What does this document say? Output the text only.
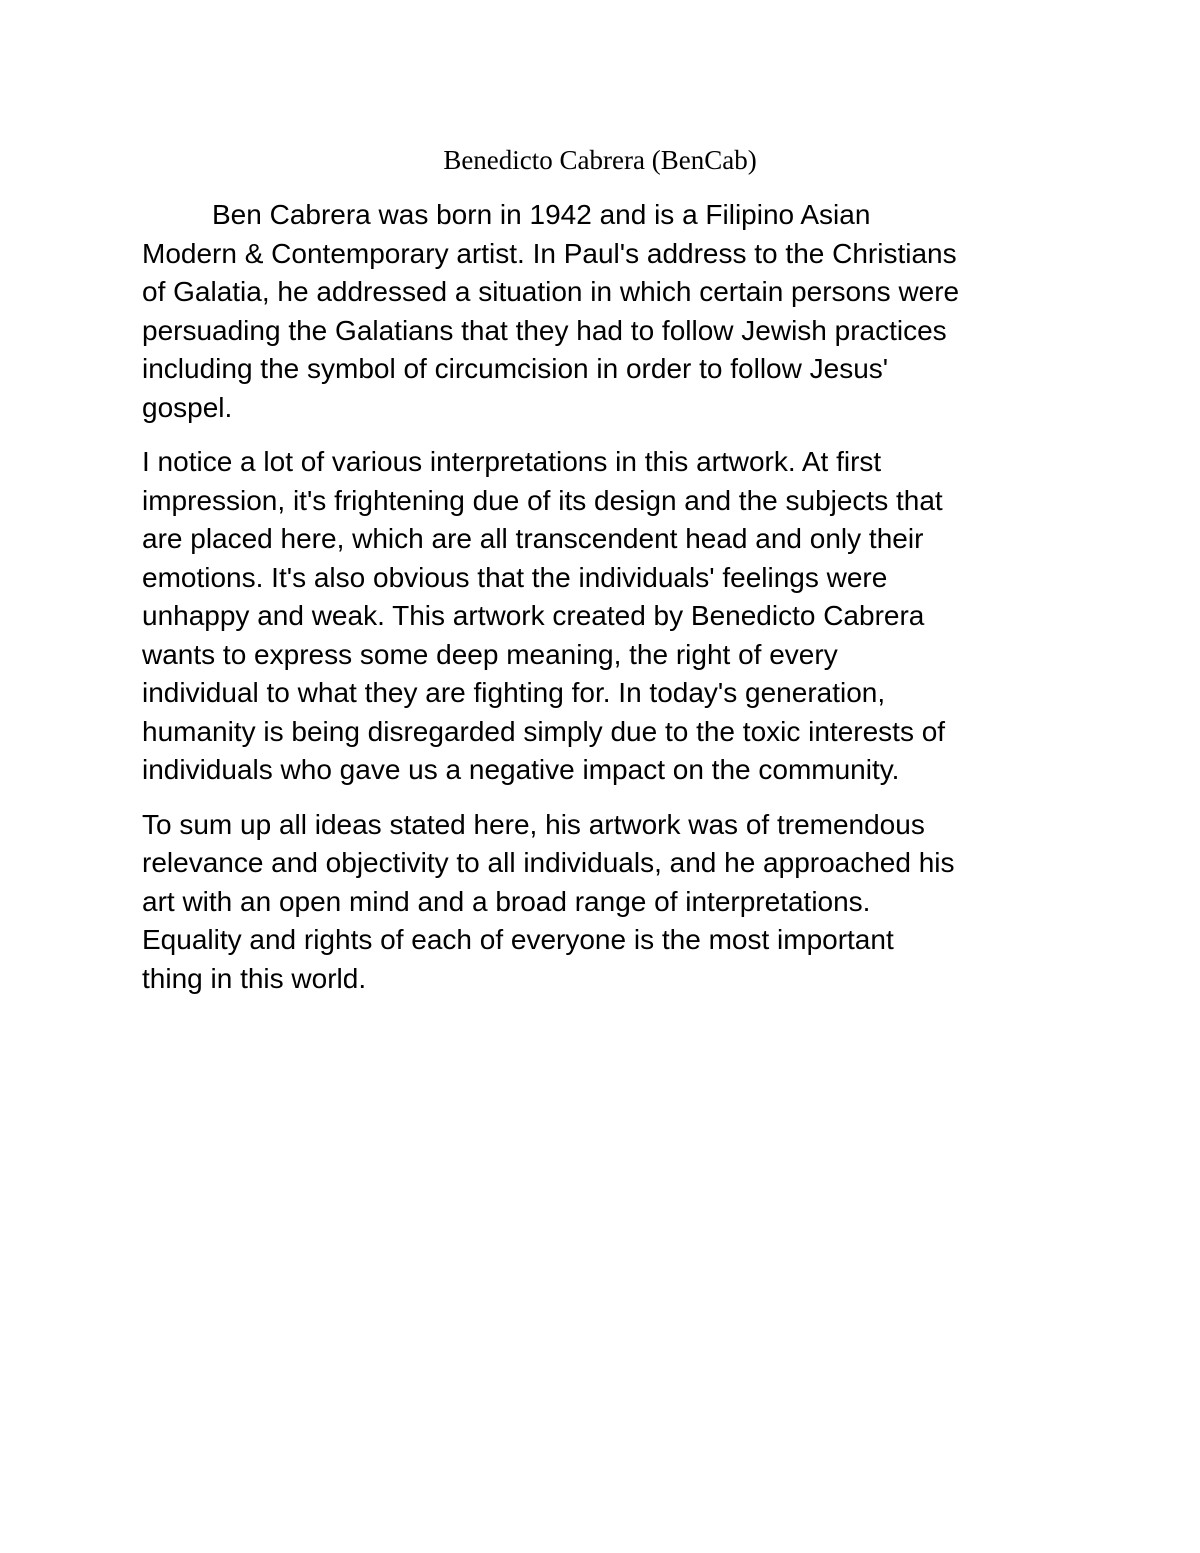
Benedicto Cabrera (BenCab)

Ben Cabrera was born in 1942 and is a Filipino Asian
Modern & Contemporary artist. In Paul's address to the Christians
of Galatia, he addressed a situation in which certain persons were
persuading the Galatians that they had to follow Jewish practices
including the symbol of circumcision in order to follow Jesus'
gospel.

I notice a lot of various interpretations in this artwork. At first
impression, it's frightening due of its design and the subjects that
are placed here, which are all transcendent head and only their
emotions. It's also obvious that the individuals' feelings were
unhappy and weak. This artwork created by Benedicto Cabrera
wants to express some deep meaning, the right of every
individual to what they are fighting for. In today's generation,
humanity is being disregarded simply due to the toxic interests of
individuals who gave us a negative impact on the community.

To sum up all ideas stated here, his artwork was of tremendous
relevance and objectivity to all individuals, and he approached his
art with an open mind and a broad range of interpretations.
Equality and rights of each of everyone is the most important
thing in this world.
